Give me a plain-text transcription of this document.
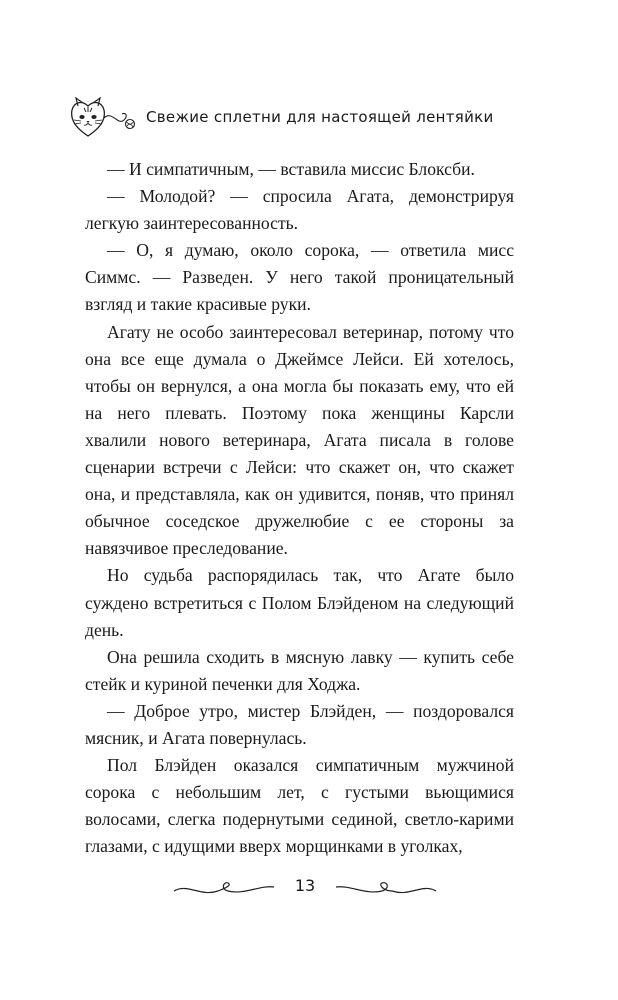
Свежие сплетни для настоящей лентяйки

— И симпатичным, — вставила миссис Блоксби.

— Молодой? — спросила Агата, демонстрируя легкую заинтересованность.

— О, я думаю, около сорока, — ответила мисс Симмс. — Разведен. У него такой проницательный взгляд и такие красивые руки.

Агату не особо заинтересовал ветеринар, потому что она все еще думала о Джеймсе Лейси. Ей хотелось, чтобы он вернулся, а она могла бы показать ему, что ей на него плевать. Поэтому пока женщины Карсли хвалили нового ветеринара, Агата писала в голове сценарии встречи с Лейси: что скажет он, что скажет она, и представляла, как он удивится, поняв, что принял обычное соседское дружелюбие с ее стороны за навязчивое преследование.

Но судьба распорядилась так, что Агате было суждено встретиться с Полом Блэйденом на следующий день.

Она решила сходить в мясную лавку — купить себе стейк и куриной печенки для Ходжа.

— Доброе утро, мистер Блэйден, — поздоровался мясник, и Агата повернулась.

Пол Блэйден оказался симпатичным мужчиной сорока с небольшим лет, с густыми вьющимися волосами, слегка подернутыми сединой, светло-карими глазами, с идущими вверх морщинками в уголках,

13
